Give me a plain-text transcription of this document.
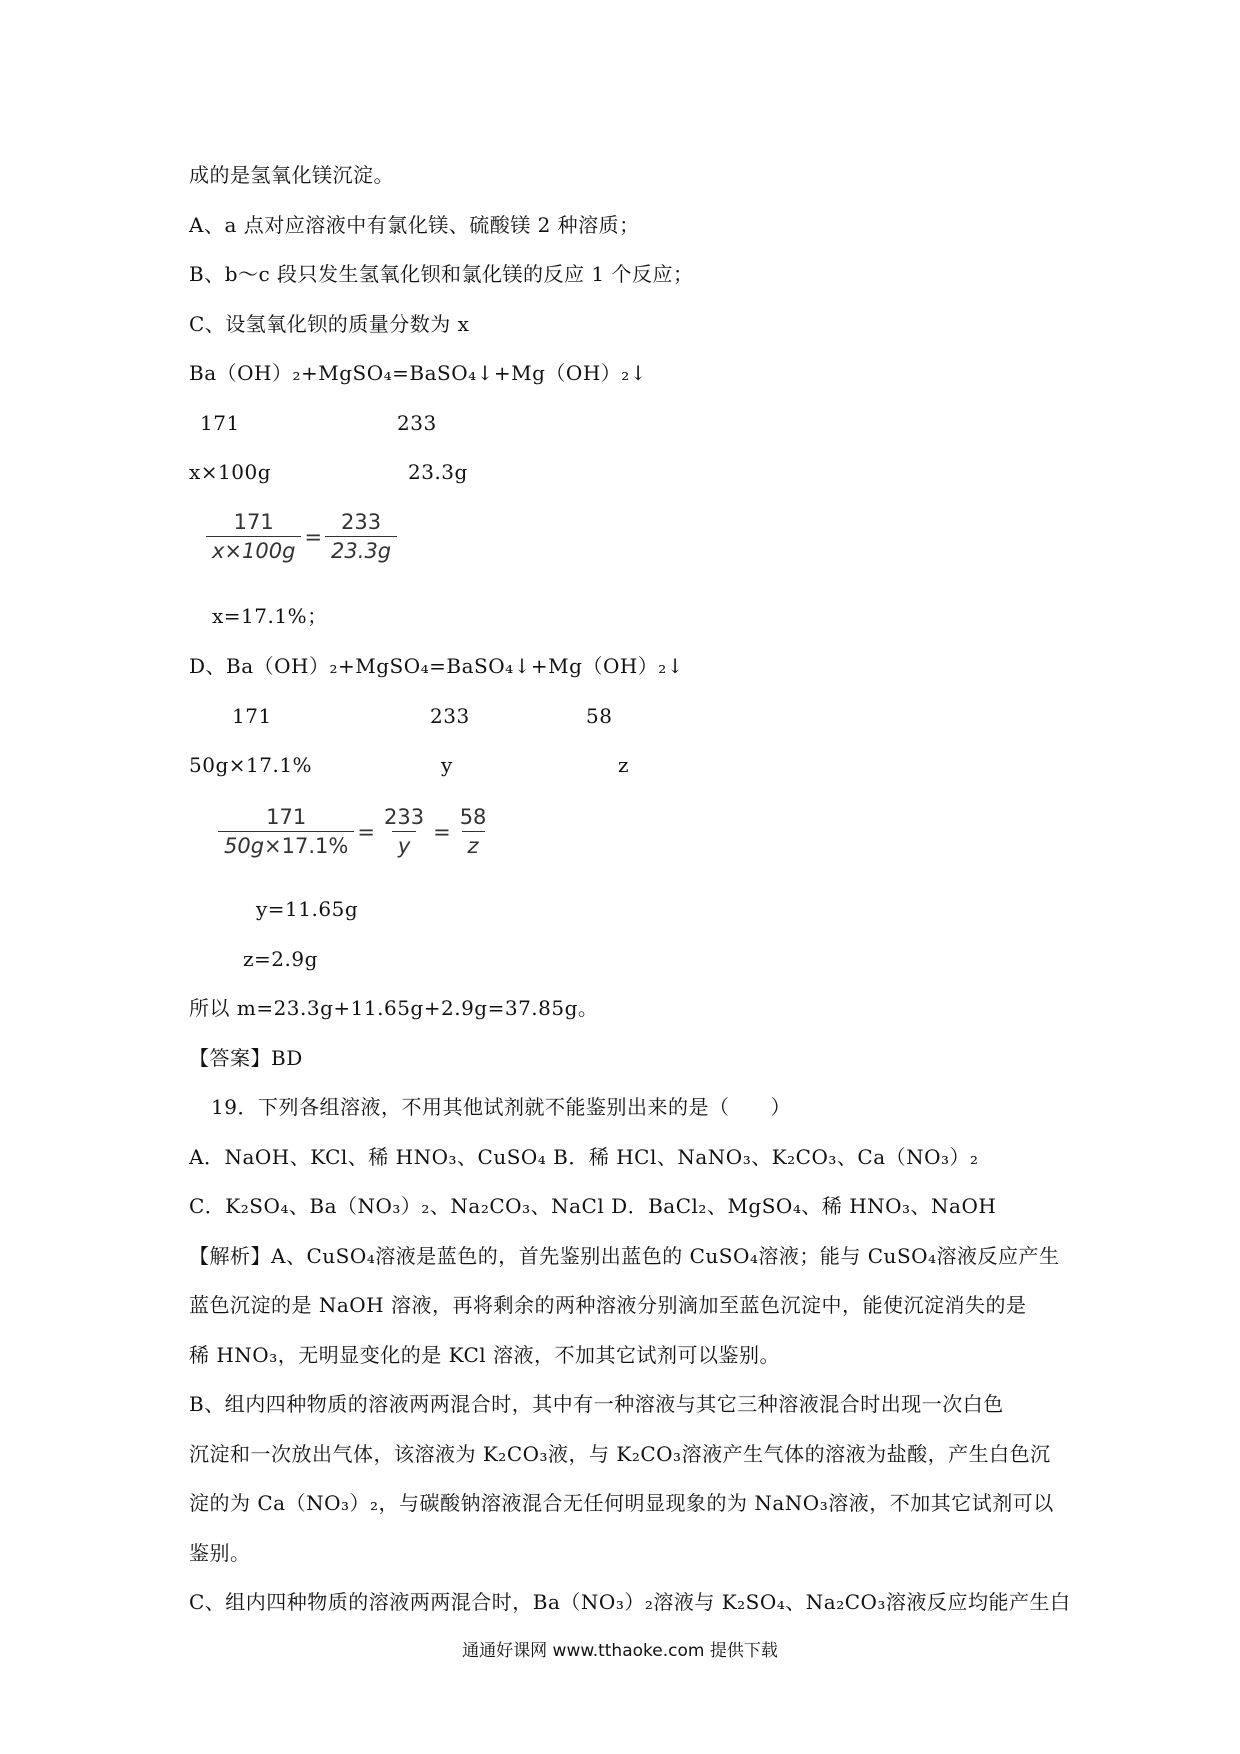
成的是氢氧化镁沉淀。
A、a 点对应溶液中有氯化镁、硫酸镁 2 种溶质；
B、b～c 段只发生氢氧化钡和氯化镁的反应 1 个反应；
C、设氢氧化钡的质量分数为 x
Ba（OH）₂+MgSO₄=BaSO₄↓+Mg（OH）₂↓
171	233
x×100g	23.3g
$\frac{171}{x\times 100g} = \frac{233}{23.3g}$
x=17.1%；
D、Ba（OH）₂+MgSO₄=BaSO₄↓+Mg（OH）₂↓
171	233	58
50g×17.1%	y	z
$\frac{171}{50g\times 17.1\%} = \frac{233}{y} = \frac{58}{z}$
y=11.65g
z=2.9g
所以 m=23.3g+11.65g+2.9g=37.85g。
【答案】BD
19．下列各组溶液，不用其他试剂就不能鉴别出来的是（　　）
A．NaOH、KCl、稀 HNO₃、CuSO₄ B．稀 HCl、NaNO₃、K₂CO₃、Ca（NO₃）₂
C．K₂SO₄、Ba（NO₃）₂、Na₂CO₃、NaCl D．BaCl₂、MgSO₄、稀 HNO₃、NaOH
【解析】A、CuSO₄溶液是蓝色的，首先鉴别出蓝色的 CuSO₄溶液；能与 CuSO₄溶液反应产生
蓝色沉淀的是 NaOH 溶液，再将剩余的两种溶液分别滴加至蓝色沉淀中，能使沉淀消失的是
稀 HNO₃，无明显变化的是 KCl 溶液，不加其它试剂可以鉴别。
B、组内四种物质的溶液两两混合时，其中有一种溶液与其它三种溶液混合时出现一次白色
沉淀和一次放出气体，该溶液为 K₂CO₃液，与 K₂CO₃溶液产生气体的溶液为盐酸，产生白色沉
淀的为 Ca（NO₃）₂，与碳酸钠溶液混合无任何明显现象的为 NaNO₃溶液，不加其它试剂可以
鉴别。
C、组内四种物质的溶液两两混合时，Ba（NO₃）₂溶液与 K₂SO₄、Na₂CO₃溶液反应均能产生白
通通好课网 www.tthaoke.com 提供下载
